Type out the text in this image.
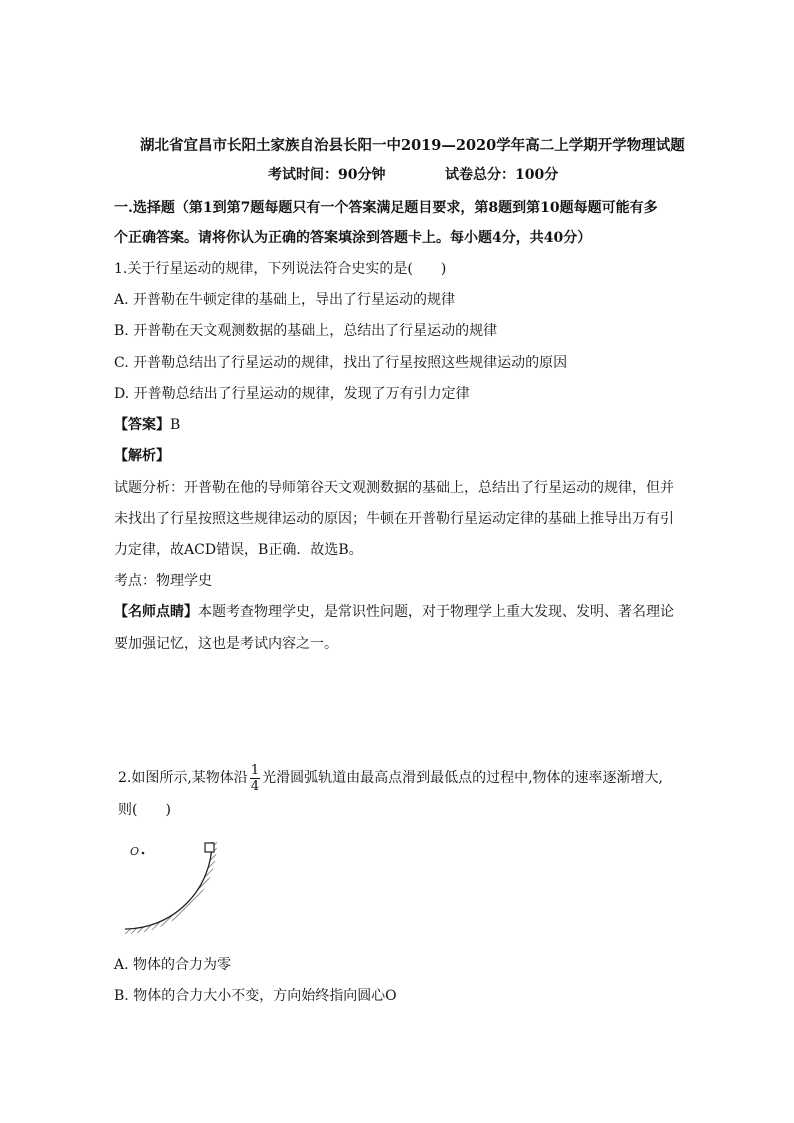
湖北省宜昌市长阳土家族自治县长阳一中2019—2020学年高二上学期开学物理试题
考试时间：90分钟	试卷总分：100分
一.选择题（第1到第7题每题只有一个答案满足题目要求，第8题到第10题每题可能有多
个正确答案。请将你认为正确的答案填涂到答题卡上。每小题4分，共40分）
1.关于行星运动的规律，下列说法符合史实的是(　　)
A. 开普勒在牛顿定律的基础上，导出了行星运动的规律
B. 开普勒在天文观测数据的基础上，总结出了行星运动的规律
C. 开普勒总结出了行星运动的规律，找出了行星按照这些规律运动的原因
D. 开普勒总结出了行星运动的规律，发现了万有引力定律
【答案】B
【解析】
试题分析：开普勒在他的导师第谷天文观测数据的基础上，总结出了行星运动的规律，但并
未找出了行星按照这些规律运动的原因；牛顿在开普勒行星运动定律的基础上推导出万有引
力定律，故ACD错误，B正确．故选B。
考点：物理学史
【名师点睛】本题考查物理学史，是常识性问题，对于物理学上重大发现、发明、著名理论
要加强记忆，这也是考试内容之一。
2.如图所示,某物体沿 $\frac{1}{4}$ 光滑圆弧轨道由最高点滑到最低点的过程中,物体的速率逐渐增大,
则(　　)
O
A. 物体的合力为零
B. 物体的合力大小不变，方向始终指向圆心O
